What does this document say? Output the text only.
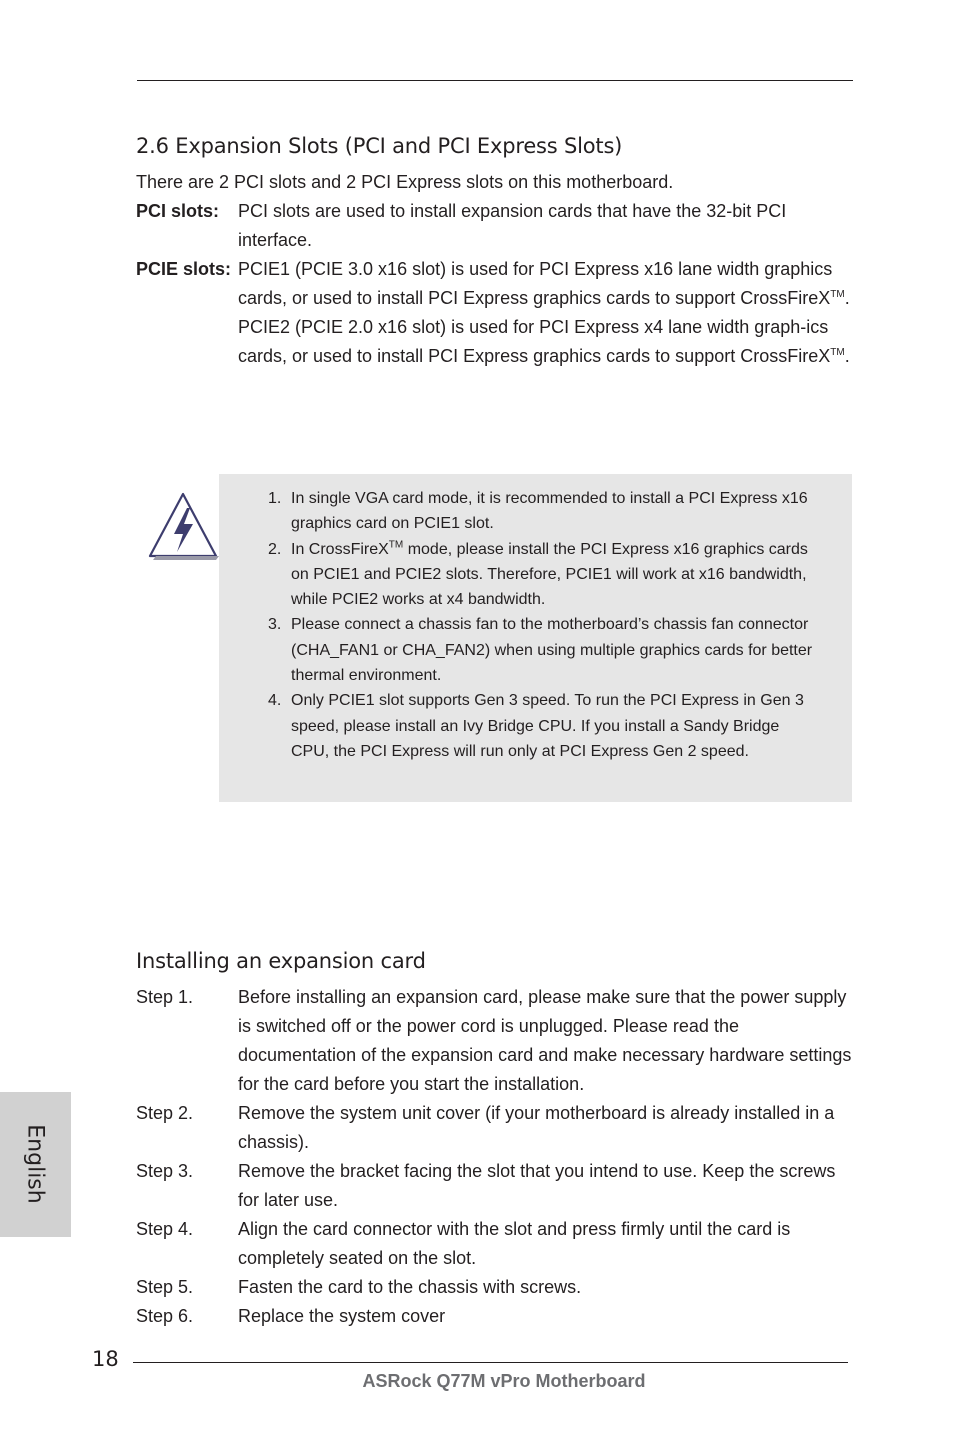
2.6 Expansion Slots (PCI and PCI Express Slots)
There are 2 PCI slots and 2 PCI Express slots on this motherboard.
PCI slots: PCI slots are used to install expansion cards that have the 32-bit PCI interface.

PCIE slots: PCIE1 (PCIE 3.0 x16 slot) is used for PCI Express x16 lane width graphics cards, or used to install PCI Express graphics cards to support CrossFireX™.

PCIE2 (PCIE 2.0 x16 slot) is used for PCI Express x4 lane width graph-ics cards, or used to install PCI Express graphics cards to support CrossFireX™.

1. In single VGA card mode, it is recommended to install a PCI Express x16 graphics card on PCIE1 slot.
2. In CrossFireX™ mode, please install the PCI Express x16 graphics cards on PCIE1 and PCIE2 slots. Therefore, PCIE1 will work at x16 bandwidth, while PCIE2 works at x4 bandwidth.
3. Please connect a chassis fan to the motherboard’s chassis fan connector (CHA_FAN1 or CHA_FAN2) when using multiple graphics cards for better thermal environment.
4. Only PCIE1 slot supports Gen 3 speed. To run the PCI Express in Gen 3 speed, please install an Ivy Bridge CPU. If you install a Sandy Bridge CPU, the PCI Express will run only at PCI Express Gen 2 speed.
Installing an expansion card
Step 1. Before installing an expansion card, please make sure that the power supply is switched off or the power cord is unplugged. Please read the documentation of the expansion card and make necessary hardware settings for the card before you start the installation.
Step 2. Remove the system unit cover (if your motherboard is already installed in a chassis).
Step 3. Remove the bracket facing the slot that you intend to use. Keep the screws for later use.
Step 4. Align the card connector with the slot and press firmly until the card is completely seated on the slot.
Step 5. Fasten the card to the chassis with screws.
Step 6. Replace the system cover
English
18
ASRock Q77M vPro Motherboard
